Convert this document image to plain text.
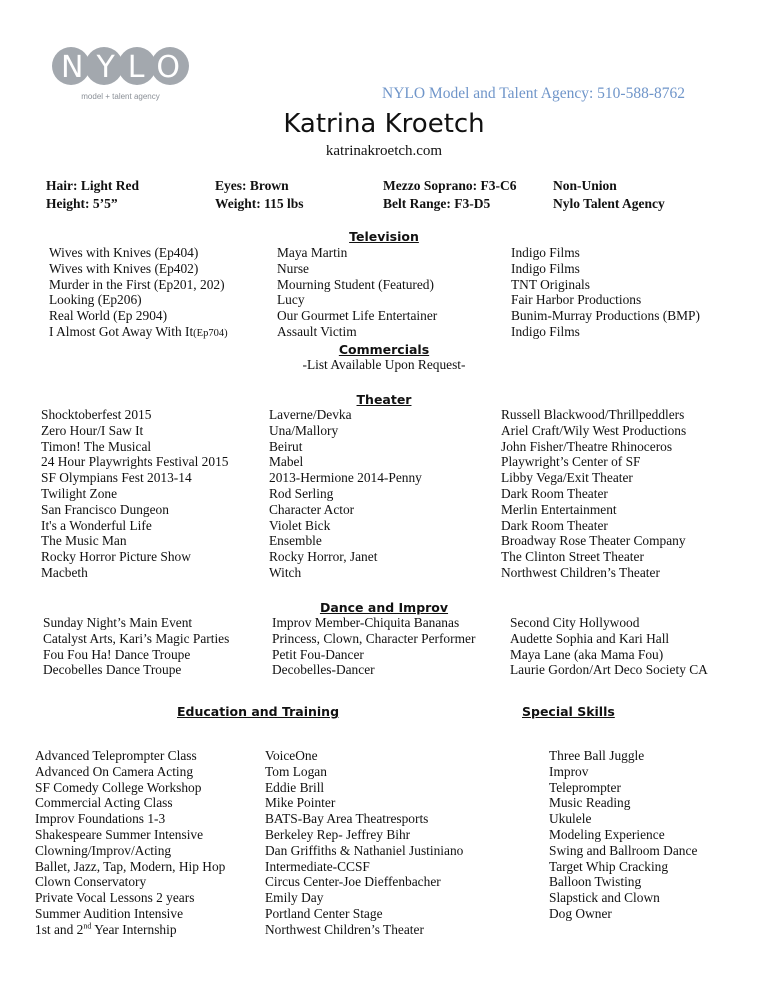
NYLO
model + talent agency	NYLO Model and Talent Agency: 510-588-8762
Katrina Kroetch
katrinakroetch.com
Hair: Light Red
Height: 5’5”
Eyes: Brown
Weight: 115 lbs
Mezzo Soprano: F3-C6
Belt Range: F3-D5
Non-Union
Nylo Talent Agency
Television
Wives with Knives (Ep404)
Wives with Knives (Ep402)
Murder in the First (Ep201, 202)
Looking (Ep206)
Real World (Ep 2904)
I Almost Got Away With It(Ep704)
Maya Martin
Nurse
Mourning Student (Featured)
Lucy
Our Gourmet Life Entertainer
Assault Victim
Indigo Films
Indigo Films
TNT Originals
Fair Harbor Productions
Bunim-Murray Productions (BMP)
Indigo Films
Commercials
-List Available Upon Request-
Theater
Shocktoberfest 2015
Zero Hour/I Saw It
Timon! The Musical
24 Hour Playwrights Festival 2015
SF Olympians Fest 2013-14
Twilight Zone
San Francisco Dungeon
It's a Wonderful Life
The Music Man
Rocky Horror Picture Show
Macbeth
Laverne/Devka
Una/Mallory
Beirut
Mabel
2013-Hermione 2014-Penny
Rod Serling
Character Actor
Violet Bick
Ensemble
Rocky Horror, Janet
Witch
Russell Blackwood/Thrillpeddlers
Ariel Craft/Wily West Productions
John Fisher/Theatre Rhinoceros
Playwright’s Center of SF
Libby Vega/Exit Theater
Dark Room Theater
Merlin Entertainment
Dark Room Theater
Broadway Rose Theater Company
The Clinton Street Theater
Northwest Children’s Theater
Dance and Improv
Sunday Night’s Main Event
Catalyst Arts, Kari’s Magic Parties
Fou Fou Ha! Dance Troupe
Decobelles Dance Troupe
Improv Member-Chiquita Bananas
Princess, Clown, Character Performer
Petit Fou-Dancer
Decobelles-Dancer
Second City Hollywood
Audette Sophia and Kari Hall
Maya Lane (aka Mama Fou)
Laurie Gordon/Art Deco Society CA
Education and Training	Special Skills
Advanced Teleprompter Class
Advanced On Camera Acting
SF Comedy College Workshop
Commercial Acting Class
Improv Foundations 1-3
Shakespeare Summer Intensive
Clowning/Improv/Acting
Ballet, Jazz, Tap, Modern, Hip Hop
Clown Conservatory
Private Vocal Lessons 2 years
Summer Audition Intensive
1st and 2nd Year Internship
VoiceOne
Tom Logan
Eddie Brill
Mike Pointer
BATS-Bay Area Theatresports
Berkeley Rep- Jeffrey Bihr
Dan Griffiths & Nathaniel Justiniano
Intermediate-CCSF
Circus Center-Joe Dieffenbacher
Emily Day
Portland Center Stage
Northwest Children’s Theater
Three Ball Juggle
Improv
Teleprompter
Music Reading
Ukulele
Modeling Experience
Swing and Ballroom Dance
Target Whip Cracking
Balloon Twisting
Slapstick and Clown
Dog Owner
